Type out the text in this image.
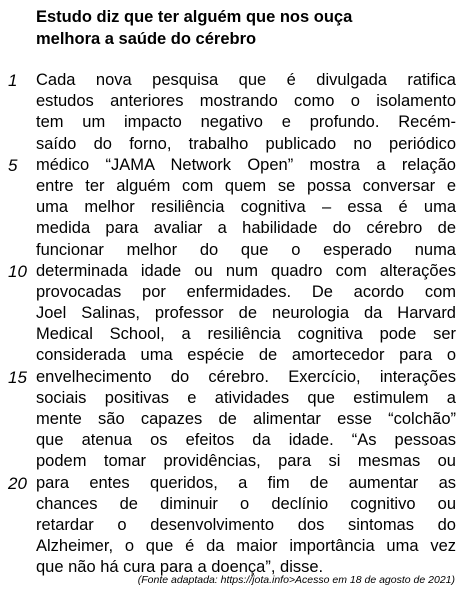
Estudo diz que ter alguém que nos ouça
melhora a saúde do cérebro
1	Cada nova pesquisa que é divulgada ratifica
estudos anteriores mostrando como o isolamento
tem um impacto negativo e profundo. Recém-
saído do forno, trabalho publicado no periódico
5	médico “JAMA Network Open” mostra a relação
entre ter alguém com quem se possa conversar e
uma melhor resiliência cognitiva – essa é uma
medida para avaliar a habilidade do cérebro de
funcionar melhor do que o esperado numa
10 determinada idade ou num quadro com alterações
provocadas por enfermidades. De acordo com
Joel Salinas, professor de neurologia da Harvard
Medical School, a resiliência cognitiva pode ser
considerada uma espécie de amortecedor para o
15 envelhecimento do cérebro. Exercício, interações
sociais positivas e atividades que estimulem a
mente são capazes de alimentar esse “colchão”
que atenua os efeitos da idade. “As pessoas
podem tomar providências, para si mesmas ou
20 para entes queridos, a fim de aumentar as
chances de diminuir o declínio cognitivo ou
retardar o desenvolvimento dos sintomas do
Alzheimer, o que é da maior importância uma vez
que não há cura para a doença”, disse.
(Fonte adaptada: https://jota.info>Acesso em 18 de agosto de 2021)
